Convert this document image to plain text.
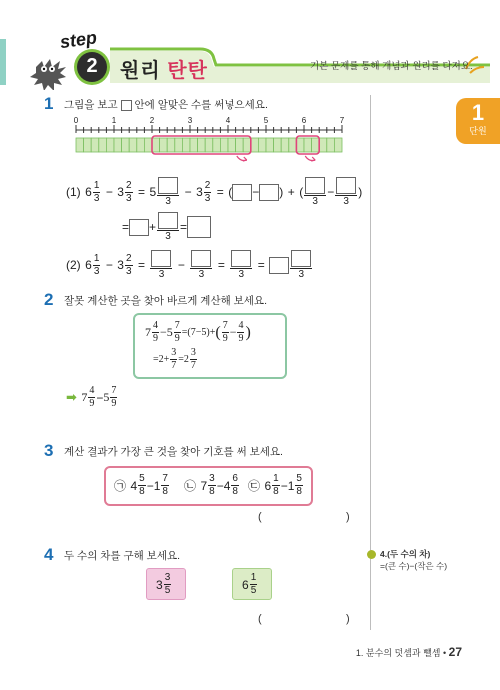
step
2 원리 탄탄	기본 문제를 통해 개념과 원리를 다져요.
1
단원
1 그림을 보고 안에 알맞은 수를 써넣으세요.
0	1	2	3	4	5	6	7
(1) $6 \frac{1}{3} - 3 \frac{2}{3} = 5$
3
− $3 \frac{2}{3}$ = ( − ) + (
3
−
3
)
= +
3
=
(2) $6 \frac{1}{3} - 3 \frac{2}{3}$ =
3
−
3
=
3
=
3
2 잘못 계산한 곳을 찾아 바르게 계산해 보세요.
$7 \frac{4}{9} -5 \frac{7}{9} =(7-5)+( \frac{7}{9} - \frac{4}{9}$ )
$=2+ \frac{3}{7} =2 \frac{3}{7}$
➡ $7 \frac{4}{9} -5 \frac{7}{9}$
3 계산 결과가 가장 큰 것을 찾아 기호를 써 보세요.
㉠ $4 \frac{5}{8} -1 \frac{7}{8}$ ㉡ $7 \frac{3}{8} -4 \frac{6}{8}$ ㉢ $6 \frac{1}{8} -1 \frac{5}{8}$
(	)
4 두 수의 차를 구해 보세요.
$3 \frac{3}{5}$	$6 \frac{1}{5}$
(	)
4.(두 수의 차)
=(큰 수)−(작은 수)
1. 분수의 덧셈과 뺄셈 • 27
